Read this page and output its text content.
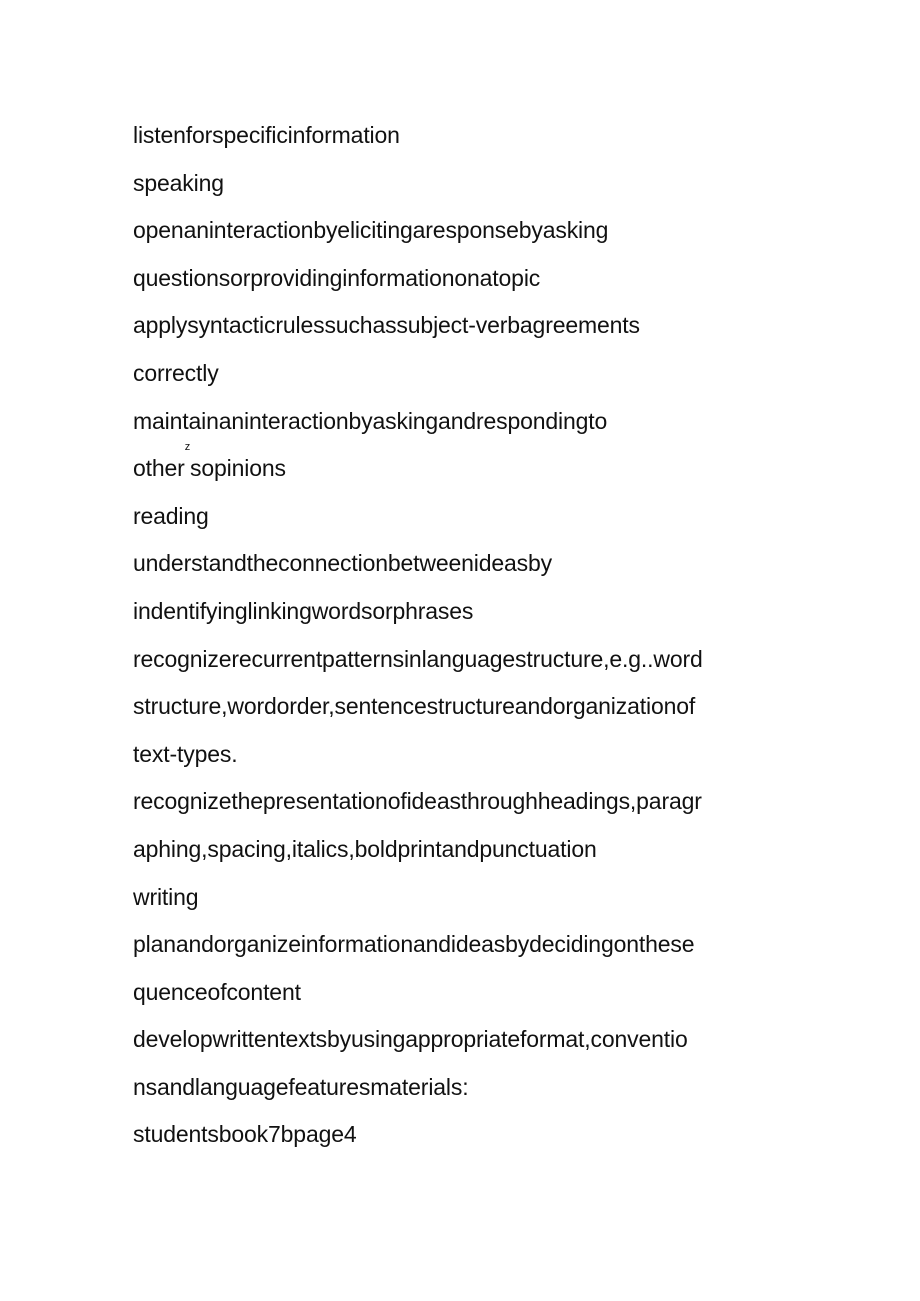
listenforspecificinformation
speaking
openaninteractionbyelicitingaresponsebyasking
questionsorprovidinginformationonatopic
applysyntacticrulessuchassubject-verbagreements
correctly
maintainaninteractionbyaskingandrespondingto
other$^z$sopinions
reading
understandtheconnectionbetweenideasby
indentifyinglinkingwordsorphrases
recognizerecurrentpatternsinlanguagestructure,e.g..word
structure,wordorder,sentencestructureandorganizationof
text-types.
recognizethepresentationofideasthroughheadings,paragr
aphing,spacing,italics,boldprintandpunctuation
writing
planandorganizeinformationandideasbydecidingonthese
quenceofcontent
developwrittentextsbyusingappropriateformat,conventio
nsandlanguagefeaturesmaterials:
studentsbook7bpage4
